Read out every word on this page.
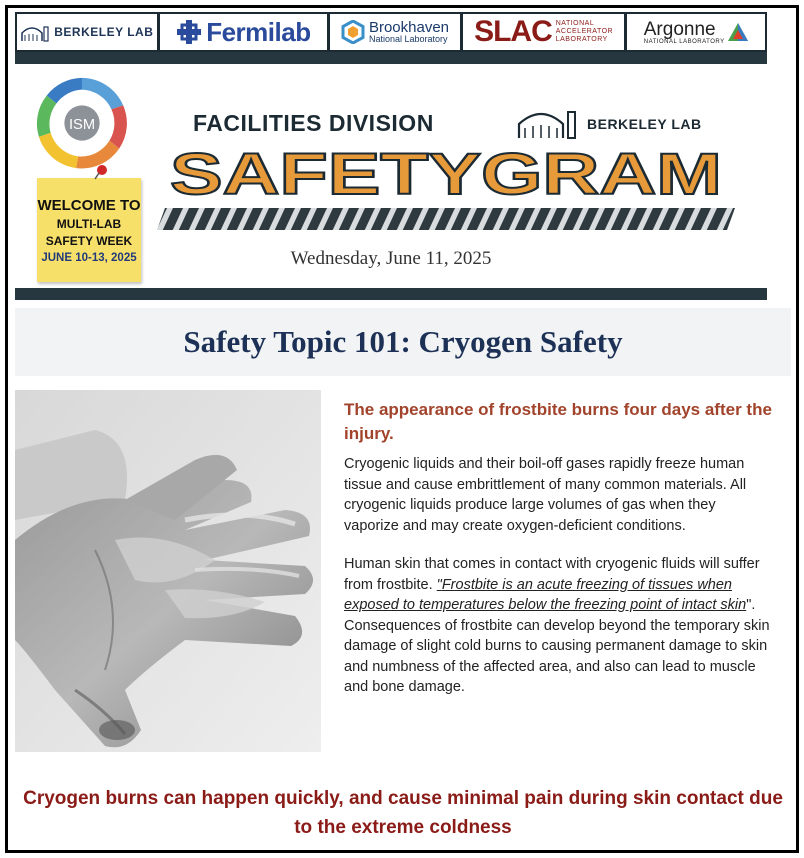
BERKELEY LAB Fermilab	Brookhaven
National Laboratory SLAC NATIONAL
ACCELERATOR
LABORATORY Argonne
NATIONAL LABORATORY
ISM
WELCOME TO
MULTI-LAB
SAFETY WEEK
JUNE 10-13, 2025
FACILITIES DIVISION	BERKELEY LAB
SAFETYGRAM
Wednesday, June 11, 2025
Safety Topic 101: Cryogen Safety

The appearance of frostbite burns four days after the injury.

Cryogenic liquids and their boil-off gases rapidly freeze human tissue and cause embrittlement of many common materials. All cryogenic liquids produce large volumes of gas when they vaporize and may create oxygen-deficient conditions.

Human skin that comes in contact with cryogenic fluids will suffer from frostbite. "Frostbite is an acute freezing of tissues when exposed to temperatures below the freezing point of intact skin". Consequences of frostbite can develop beyond the temporary skin damage of slight cold burns to causing permanent damage to skin and numbness of the affected area, and also can lead to muscle and bone damage.

Cryogen burns can happen quickly, and cause minimal pain during skin contact due to the extreme coldness
